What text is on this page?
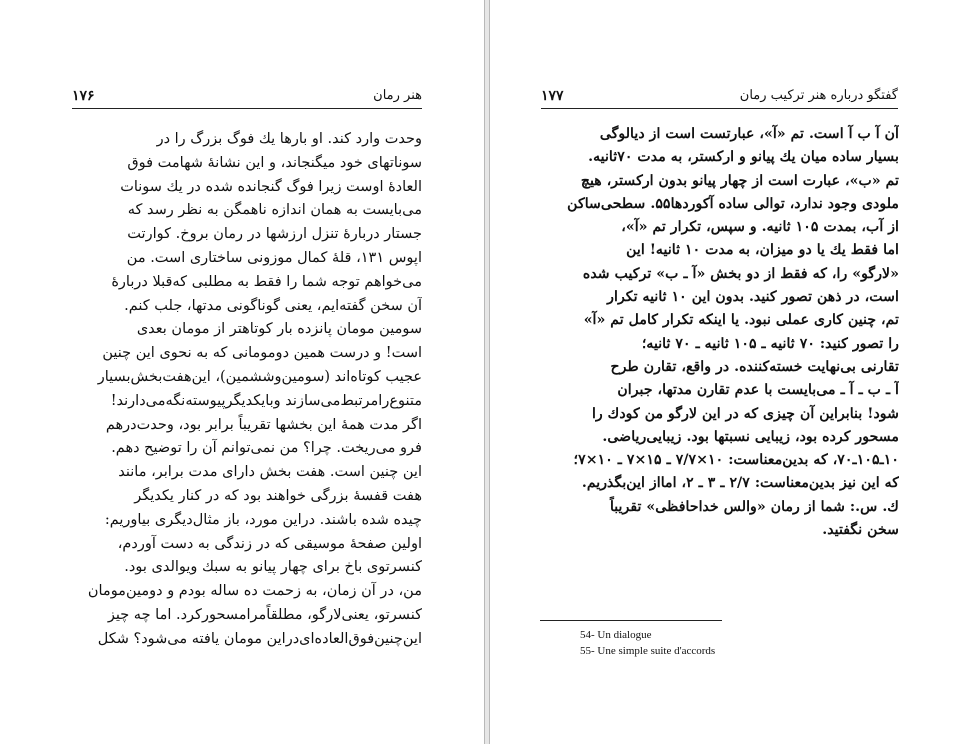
هنر رمان
۱۷۶
وحدت وارد کند. او بارها يك فوگ بزرگ را در
سوناتهای خود میگنجاند، و این نشانهٔ شهامت فوق‌
العادهٔ اوست زیرا فوگ گنجانده شده در يك سونات
می‌بایست به همان اندازه ناهمگن به نظر رسد که
جستار دربارهٔ تنزل ارزشها در رمان بروخ. کوارتت
اپوس ۱۳۱، قلهٔ کمال موزونی ساختاری است. من
می‌خواهم توجه شما را فقط به مطلبی که‌قبلا دربارهٔ
آن سخن گفته‌ایم، یعنی گوناگونی مدتها، جلب کنم.
سومین مومان پانزده بار کوتاهتر از مومان بعدی
است! و درست همین دومومانی که به نحوی این چنین
عجیب کوتاه‌اند (سومین‌وششمین)، این‌هفت‌بخش‌بسیار
متنوع‌را‌مرتبط‌می‌سازند و‌با‌یکدیگر‌پیوسته‌نگه‌می‌دارند!
اگر مدت همهٔ این بخشها تقریباً برابر بود، وحدت‌درهم
فرو می‌ریخت. چرا؟ من نمی‌توانم آن را توضیح دهم.
این چنین است. هفت بخش دارای مدت برابر، مانند
هفت قفسهٔ بزرگی خواهند بود که در کنار یکدیگر
چیده شده باشند. دراین مورد، باز مثال‌دیگری بیاوریم:
اولین صفحهٔ موسیقی که در زندگی به دست آوردم،
کنسرتوی باخ برای چهار پیانو به سبك ویوالدی بود.
من، در آن زمان، به زحمت ده ساله بودم و دومین‌مومان
کنسرتو، یعنی‌لارگو، مطلقاًمرامسحورکرد. اما چه چیز
این‌چنین‌فوق‌العاده‌ای‌دراین مومان یافته می‌شود؟ شکل
گفتگو درباره هنر ترکیب رمان
۱۷۷
آن آ ب آ است. تم «آ»، عبارتست است از دیالوگی
بسیار ساده میان يك پیانو و ارکستر، به مدت ۷۰ثانیه.
تم «ب»، عبارت است از چهار پیانو بدون ارکستر، هیچ
ملودی وجود ندارد، توالی ساده آکوردها۵۵. سطحی‌ساکن
از آب، بمدت ۱۰۵ ثانیه. و سپس، تکرار تم «آ»،
اما فقط يك یا دو میزان، به مدت ۱۰ ثانیه! این
«لارگو» را، که فقط از دو بخش «آ ـ ب» ترکیب شده
است، در ذهن تصور کنید. بدون این ۱۰ ثانیه تکرار
تم، چنین کاری عملی نبود. یا اینکه تکرار کامل تم «آ»
را تصور کنید: ۷۰ ثانیه ـ ۱۰۵ ثانیه ـ ۷۰ ثانیه؛
تقارنی بی‌نهایت خسته‌کننده. در واقع، تقارن طرح
آ ـ ب ـ آ ـ می‌بایست با عدم تقارن مدتها، جبران
شود! بنابراین آن چیزی که در این لارگو من کودك را
مسحور کرده بود، زیبایی نسبتها بود. زیبایی‌ریاضی.
۱۰ـ۱۰۵ـ۷۰، که بدین‌معناست: ۱۰×۷/۷ ـ ۱۵×۷ ـ ۱۰×۷؛
که این نیز بدین‌معناست: ۲/۷ ـ ۳ ـ ۲، امااز این‌بگذریم.
ك. س.: شما از رمان «والس خداحافظی» تقریباً
سخن نگفتید.
54- Un dialogue
55- Une simple suite d'accords
